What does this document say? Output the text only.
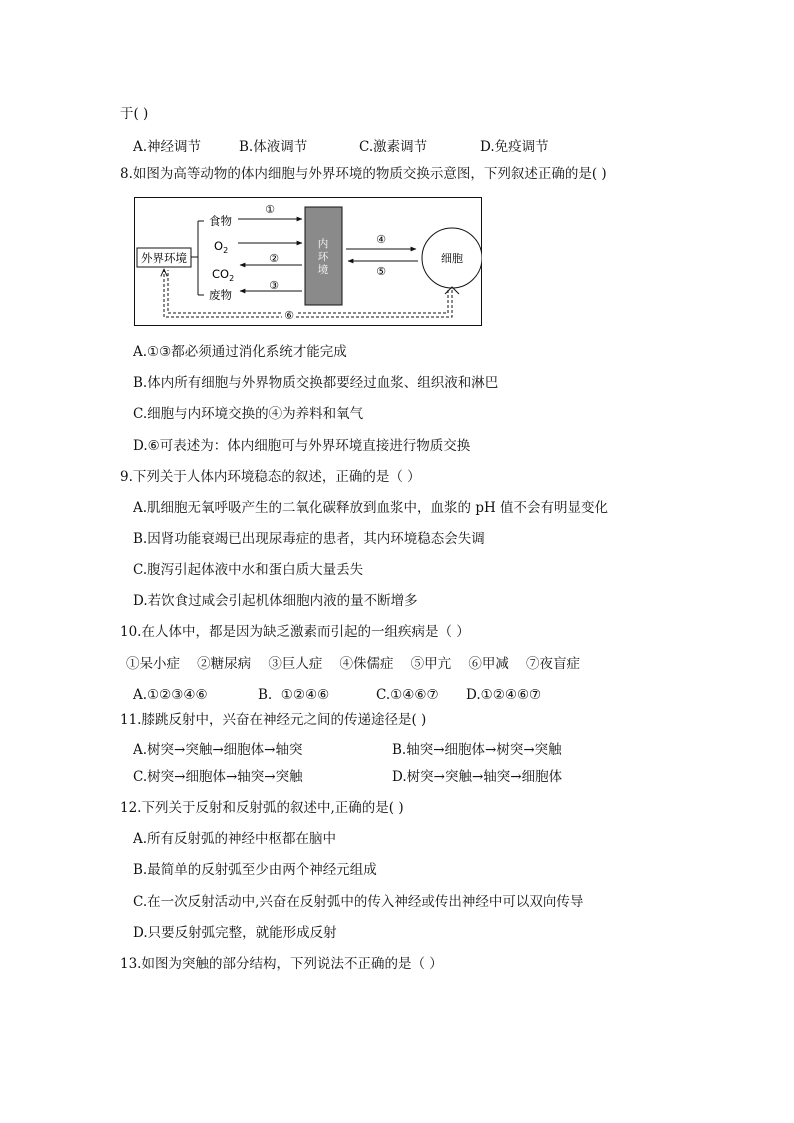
于( )
A.神经调节	B.体液调节	C.激素调节	D.免疫调节
8.如图为高等动物的体内细胞与外界环境的物质交换示意图，下列叙述正确的是( )
外界环境
食物
$O_2$
$CO_2$
废物
①
②
③
内
环
境
④
⑤
细胞
⑥
A.①③都必须通过消化系统才能完成
B.体内所有细胞与外界物质交换都要经过血浆、组织液和淋巴
C.细胞与内环境交换的④为养料和氧气
D.⑥可表述为：体内细胞可与外界环境直接进行物质交换
9.下列关于人体内环境稳态的叙述，正确的是（ ）
A.肌细胞无氧呼吸产生的二氧化碳释放到血浆中，血浆的 pH 值不会有明显变化
B.因肾功能衰竭已出现尿毒症的患者，其内环境稳态会失调
C.腹泻引起体液中水和蛋白质大量丢失
D.若饮食过咸会引起机体细胞内液的量不断增多
10.在人体中，都是因为缺乏激素而引起的一组疾病是（ ）
①呆小症    ②糖尿病    ③巨人症    ④侏儒症    ⑤甲亢    ⑥甲减    ⑦夜盲症
A.①②③④⑥	B.  ①②④⑥	C.①④⑥⑦ D.①②④⑥⑦
11.膝跳反射中，兴奋在神经元之间的传递途径是( )
A.树突→突触→细胞体→轴突	B.轴突→细胞体→树突→突触
C.树突→细胞体→轴突→突触	D.树突→突触→轴突→细胞体
12.下列关于反射和反射弧的叙述中,正确的是( )
A.所有反射弧的神经中枢都在脑中
B.最简单的反射弧至少由两个神经元组成
C.在一次反射活动中,兴奋在反射弧中的传入神经或传出神经中可以双向传导
D.只要反射弧完整，就能形成反射
13.如图为突触的部分结构，下列说法不正确的是（ ）
